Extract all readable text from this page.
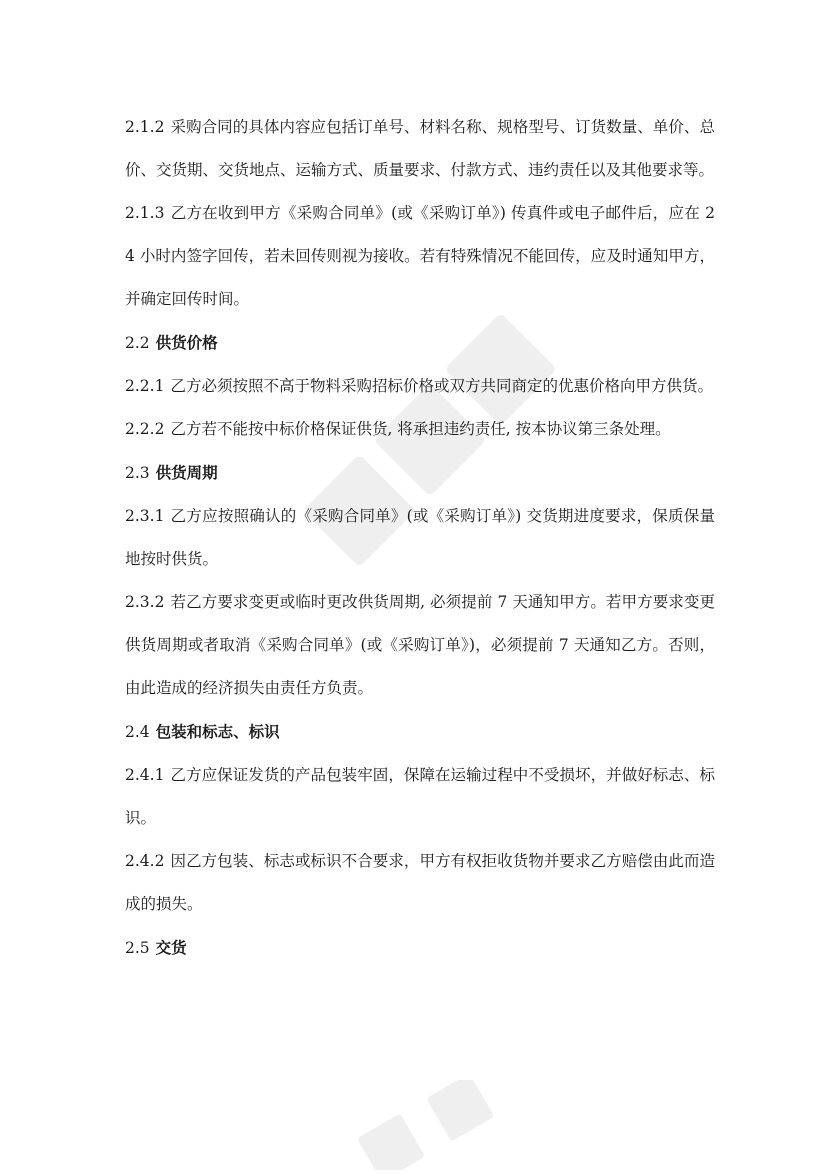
2.1.2 采购合同的具体内容应包括订单号、材料名称、规格型号、订货数量、单价、总价、交货期、交货地点、运输方式、质量要求、付款方式、违约责任以及其他要求等。

2.1.3 乙方在收到甲方《采购合同单》(或《采购订单》) 传真件或电子邮件后，应在 24 小时内签字回传，若未回传则视为接收。若有特殊情况不能回传，应及时通知甲方，并确定回传时间。

2.2 供货价格

2.2.1 乙方必须按照不高于物料采购招标价格或双方共同商定的优惠价格向甲方供货。

2.2.2 乙方若不能按中标价格保证供货, 将承担违约责任, 按本协议第三条处理。

2.3 供货周期

2.3.1 乙方应按照确认的《采购合同单》(或《采购订单》) 交货期进度要求，保质保量地按时供货。

2.3.2 若乙方要求变更或临时更改供货周期, 必须提前 7 天通知甲方。若甲方要求变更供货周期或者取消《采购合同单》(或《采购订单》)，必须提前 7 天通知乙方。否则，由此造成的经济损失由责任方负责。

2.4 包装和标志、标识

2.4.1 乙方应保证发货的产品包装牢固，保障在运输过程中不受损坏，并做好标志、标识。

2.4.2 因乙方包装、标志或标识不合要求，甲方有权拒收货物并要求乙方赔偿由此而造成的损失。

2.5 交货
